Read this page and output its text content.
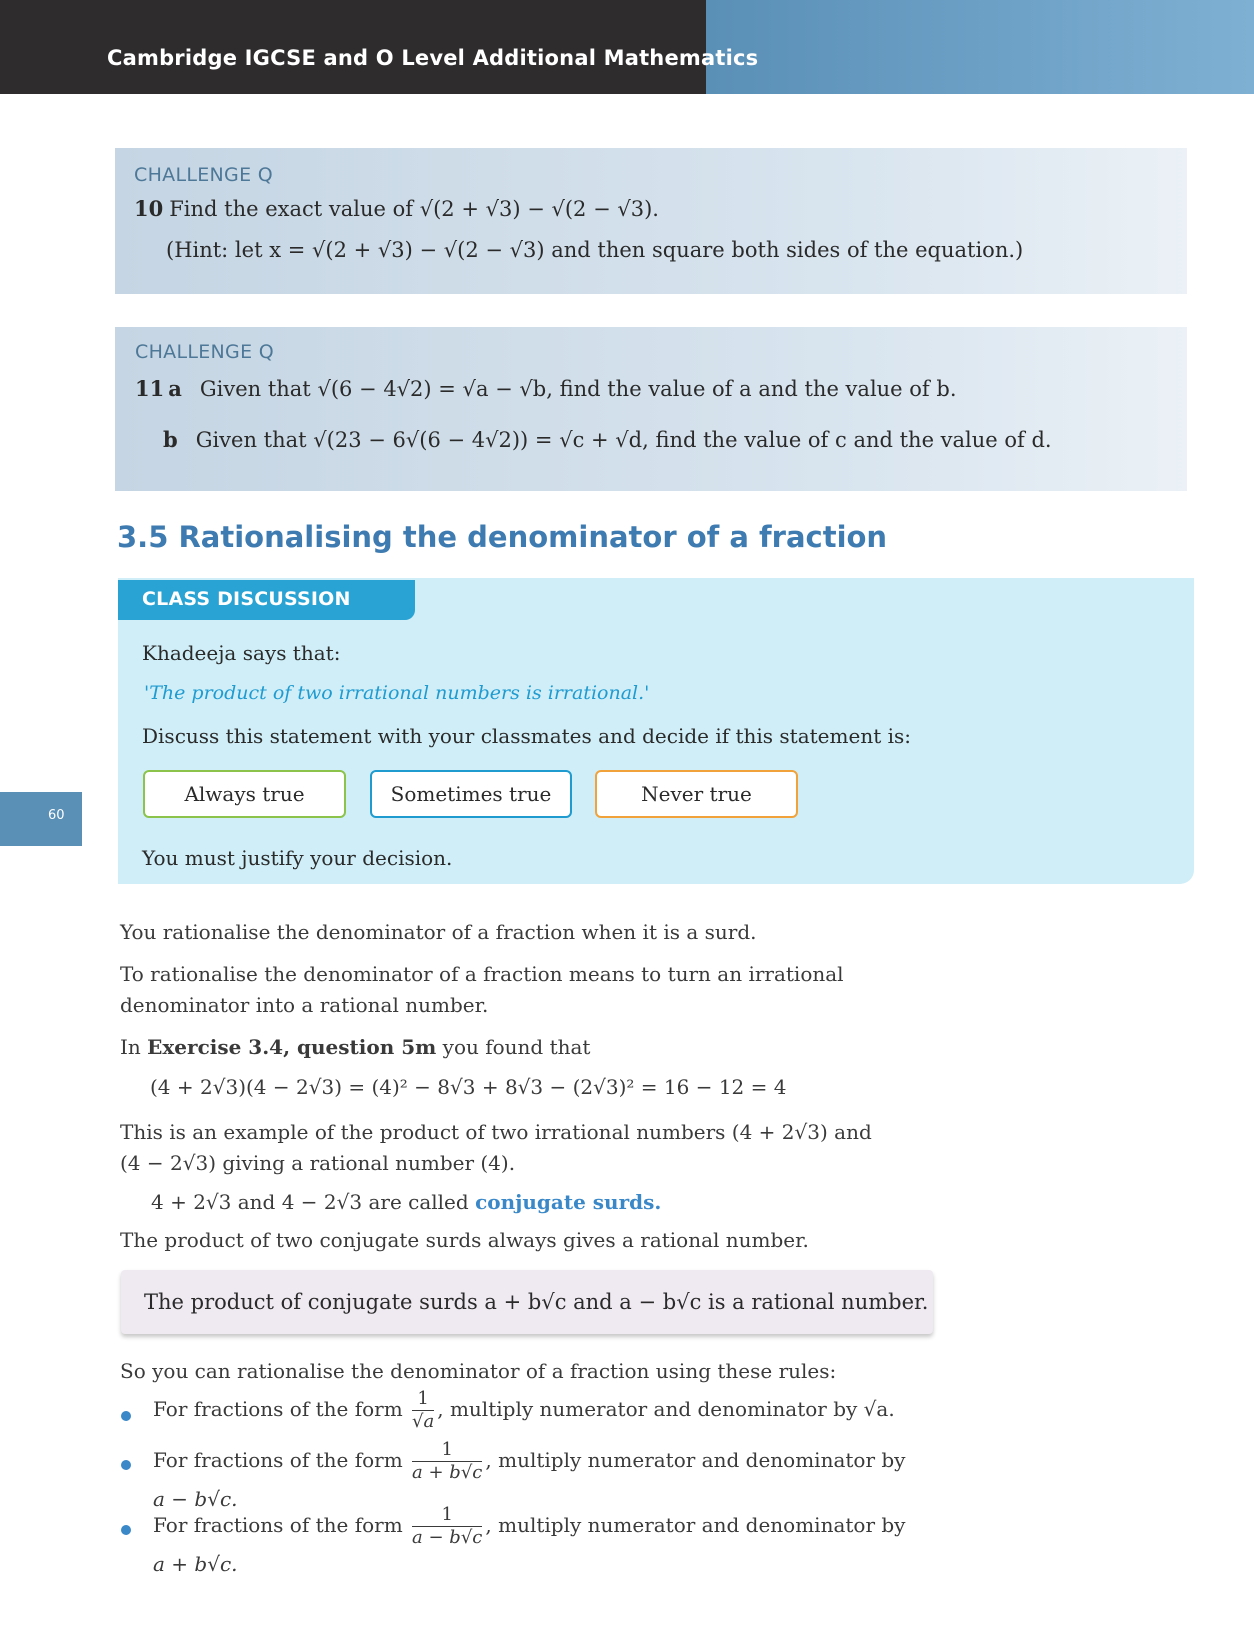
Cambridge IGCSE and O Level Additional Mathematics
CHALLENGE Q
10 Find the exact value of √(2 + √3) − √(2 − √3).
(Hint: let x = √(2 + √3) − √(2 − √3) and then square both sides of the equation.)
CHALLENGE Q
11 a Given that √(6 − 4√2) = √a − √b, find the value of a and the value of b.
b Given that √(23 − 6√(6 − 4√2)) = √c + √d, find the value of c and the value of d.
3.5 Rationalising the denominator of a fraction
CLASS DISCUSSION
Khadeeja says that:
'The product of two irrational numbers is irrational.'
Discuss this statement with your classmates and decide if this statement is:
Always true	Sometimes true	Never true
You must justify your decision.
60
You rationalise the denominator of a fraction when it is a surd.
To rationalise the denominator of a fraction means to turn an irrational
denominator into a rational number.
In Exercise 3.4, question 5m you found that
(4 + 2√3)(4 − 2√3) = (4)² − 8√3 + 8√3 − (2√3)² = 16 − 12 = 4
This is an example of the product of two irrational numbers (4 + 2√3) and
(4 − 2√3) giving a rational number (4).
4 + 2√3 and 4 − 2√3 are called conjugate surds.
The product of two conjugate surds always gives a rational number.
The product of conjugate surds a + b√c and a − b√c is a rational number.
So you can rationalise the denominator of a fraction using these rules:
For fractions of the form $\frac{1}{√a}$ , multiply numerator and denominator by √a.
For fractions of the form $\frac{1}{a + b√c}$ , multiply numerator and denominator by
a − b√c.
For fractions of the form $\frac{1}{a - b√c}$ , multiply numerator and denominator by
a + b√c.
